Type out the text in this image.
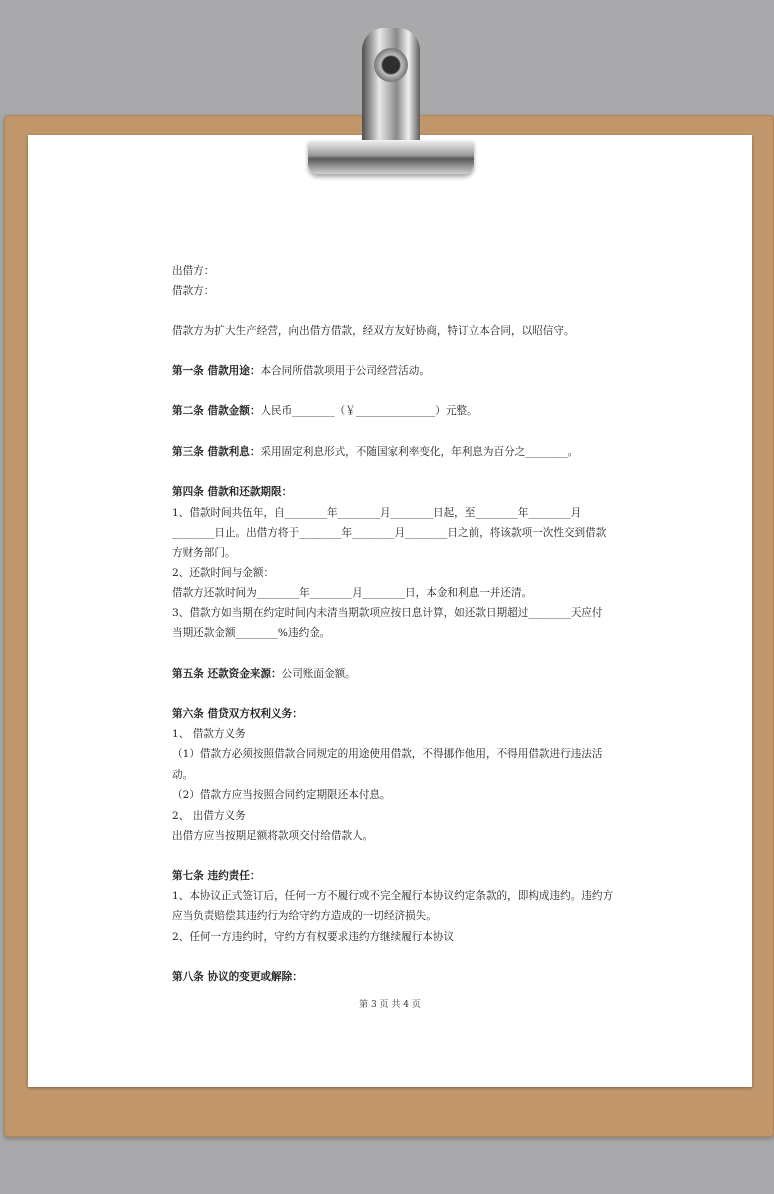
出借方：
借款方：
借款方为扩大生产经营，向出借方借款，经双方友好协商，特订立本合同，以昭信守。
第一条 借款用途：本合同所借款项用于公司经营活动。
第二条 借款金额：人民币________（￥_______________）元整。
第三条 借款利息：采用固定利息形式，不随国家利率变化，年利息为百分之________。
第四条 借款和还款期限：
1、借款时间共伍年，自________年________月________日起，至________年________月
________日止。出借方将于________年________月________日之前，将该款项一次性交到借款
方财务部门。
2、还款时间与金额：
借款方还款时间为________年________月________日，本金和利息一并还清。
3、借款方如当期在约定时间内未清当期款项应按日息计算，如还款日期超过________天应付
当期还款金额________%违约金。
第五条 还款资金来源：公司账面金额。
第六条 借贷双方权利义务：
1、 借款方义务
（1）借款方必须按照借款合同规定的用途使用借款，不得挪作他用，不得用借款进行违法活
动。
（2）借款方应当按照合同约定期限还本付息。
2、 出借方义务
出借方应当按期足额将款项交付给借款人。
第七条 违约责任：
1、本协议正式签订后，任何一方不履行或不完全履行本协议约定条款的，即构成违约。违约方
应当负责赔偿其违约行为给守约方造成的一切经济损失。
2、任何一方违约时，守约方有权要求违约方继续履行本协议
第八条 协议的变更或解除：
第 3 页 共 4 页
